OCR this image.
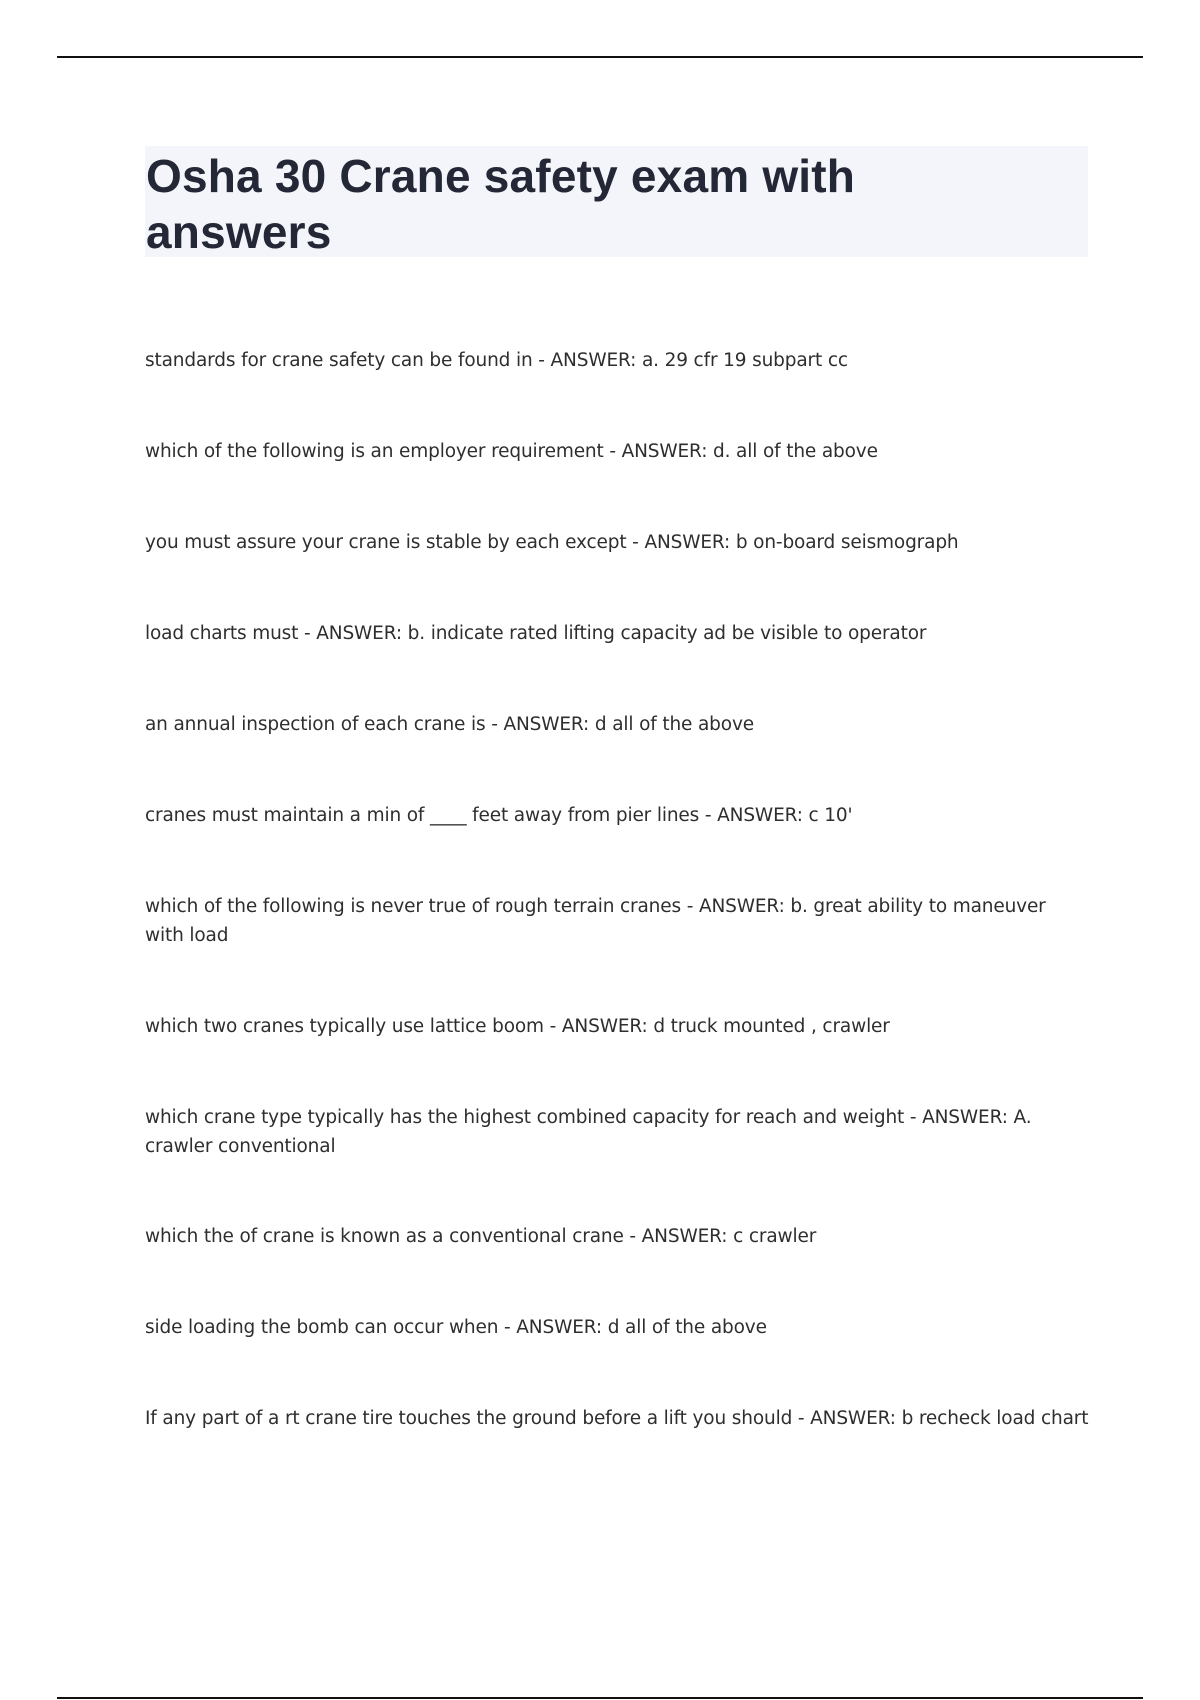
Osha 30 Crane safety exam with answers
standards for crane safety can be found in - ANSWER: a. 29 cfr 19 subpart cc
which of the following is an employer requirement - ANSWER: d. all of the above
you must assure your crane is stable by each except - ANSWER: b on-board seismograph
load charts must - ANSWER: b. indicate rated lifting capacity ad be visible to operator
an annual inspection of each crane is - ANSWER: d all of the above
cranes must maintain a min of ____ feet away from pier lines - ANSWER: c 10'
which of the following is never true of rough terrain cranes - ANSWER: b. great ability to maneuver with load
which two cranes typically use lattice boom - ANSWER: d truck mounted , crawler
which crane type typically has the highest combined capacity for reach and weight - ANSWER: A. crawler conventional
which the of crane is known as a conventional crane - ANSWER: c crawler
side loading the bomb can occur when - ANSWER: d all of the above
If any part of a rt crane tire touches the ground before a lift you should - ANSWER: b recheck load chart
